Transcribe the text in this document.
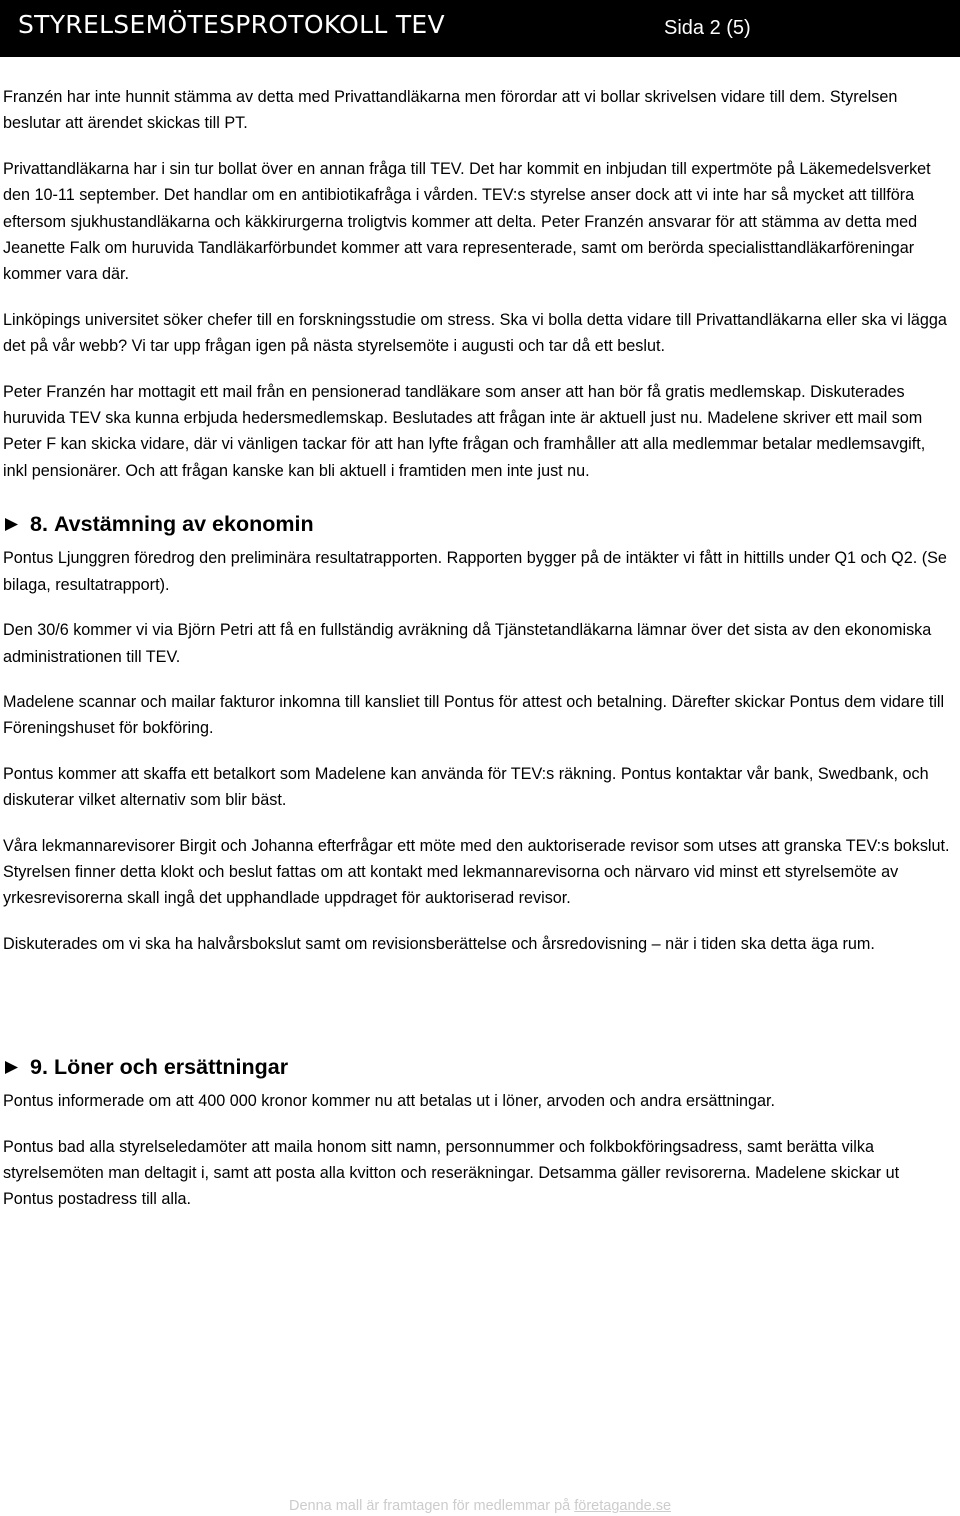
STYRELSEMÖTESPROTOKOLL TEV	Sida 2 (5)

Franzén har inte hunnit stämma av detta med Privattandläkarna men förordar att vi bollar skrivelsen vidare till dem. Styrelsen beslutar att ärendet skickas till PT.

Privattandläkarna har i sin tur bollat över en annan fråga till TEV. Det har kommit en inbjudan till expertmöte på Läkemedelsverket den 10-11 september. Det handlar om en antibiotikafråga i vården. TEV:s styrelse anser dock att vi inte har så mycket att tillföra eftersom sjukhustandläkarna och käkkirurgerna troligtvis kommer att delta. Peter Franzén ansvarar för att stämma av detta med Jeanette Falk om huruvida Tandläkarförbundet kommer att vara representerade, samt om berörda specialisttandläkarföreningar kommer vara där.

Linköpings universitet söker chefer till en forskningsstudie om stress. Ska vi bolla detta vidare till Privattandläkarna eller ska vi lägga det på vår webb? Vi tar upp frågan igen på nästa styrelsemöte i augusti och tar då ett beslut.

Peter Franzén har mottagit ett mail från en pensionerad tandläkare som anser att han bör få gratis medlemskap. Diskuterades huruvida TEV ska kunna erbjuda hedersmedlemskap. Beslutades att frågan inte är aktuell just nu. Madelene skriver ett mail som Peter F kan skicka vidare, där vi vänligen tackar för att han lyfte frågan och framhåller att alla medlemmar betalar medlemsavgift, inkl pensionärer. Och att frågan kanske kan bli aktuell i framtiden men inte just nu.

8. Avstämning av ekonomin

Pontus Ljunggren föredrog den preliminära resultatrapporten. Rapporten bygger på de intäkter vi fått in hittills under Q1 och Q2. (Se bilaga, resultatrapport).

Den 30/6 kommer vi via Björn Petri att få en fullständig avräkning då Tjänstetandläkarna lämnar över det sista av den ekonomiska administrationen till TEV.

Madelene scannar och mailar fakturor inkomna till kansliet till Pontus för attest och betalning. Därefter skickar Pontus dem vidare till Föreningshuset för bokföring.

Pontus kommer att skaffa ett betalkort som Madelene kan använda för TEV:s räkning. Pontus kontaktar vår bank, Swedbank, och diskuterar vilket alternativ som blir bäst.

Våra lekmannarevisorer Birgit och Johanna efterfrågar ett möte med den auktoriserade revisor som utses att granska TEV:s bokslut. Styrelsen finner detta klokt och beslut fattas om att kontakt med lekmannarevisorna och närvaro vid minst ett styrelsemöte av yrkesrevisorerna skall ingå det upphandlade uppdraget för auktoriserad revisor.

Diskuterades om vi ska ha halvårsbokslut samt om revisionsberättelse och årsredovisning – när i tiden ska detta äga rum.

9. Löner och ersättningar

Pontus informerade om att 400 000 kronor kommer nu att betalas ut i löner, arvoden och andra ersättningar.

Pontus bad alla styrelseledamöter att maila honom sitt namn, personnummer och folkbokföringsadress, samt berätta vilka styrelsemöten man deltagit i, samt att posta alla kvitton och reseräkningar. Detsamma gäller revisorerna. Madelene skickar ut Pontus postadress till alla.

Denna mall är framtagen för medlemmar på företagande.se
